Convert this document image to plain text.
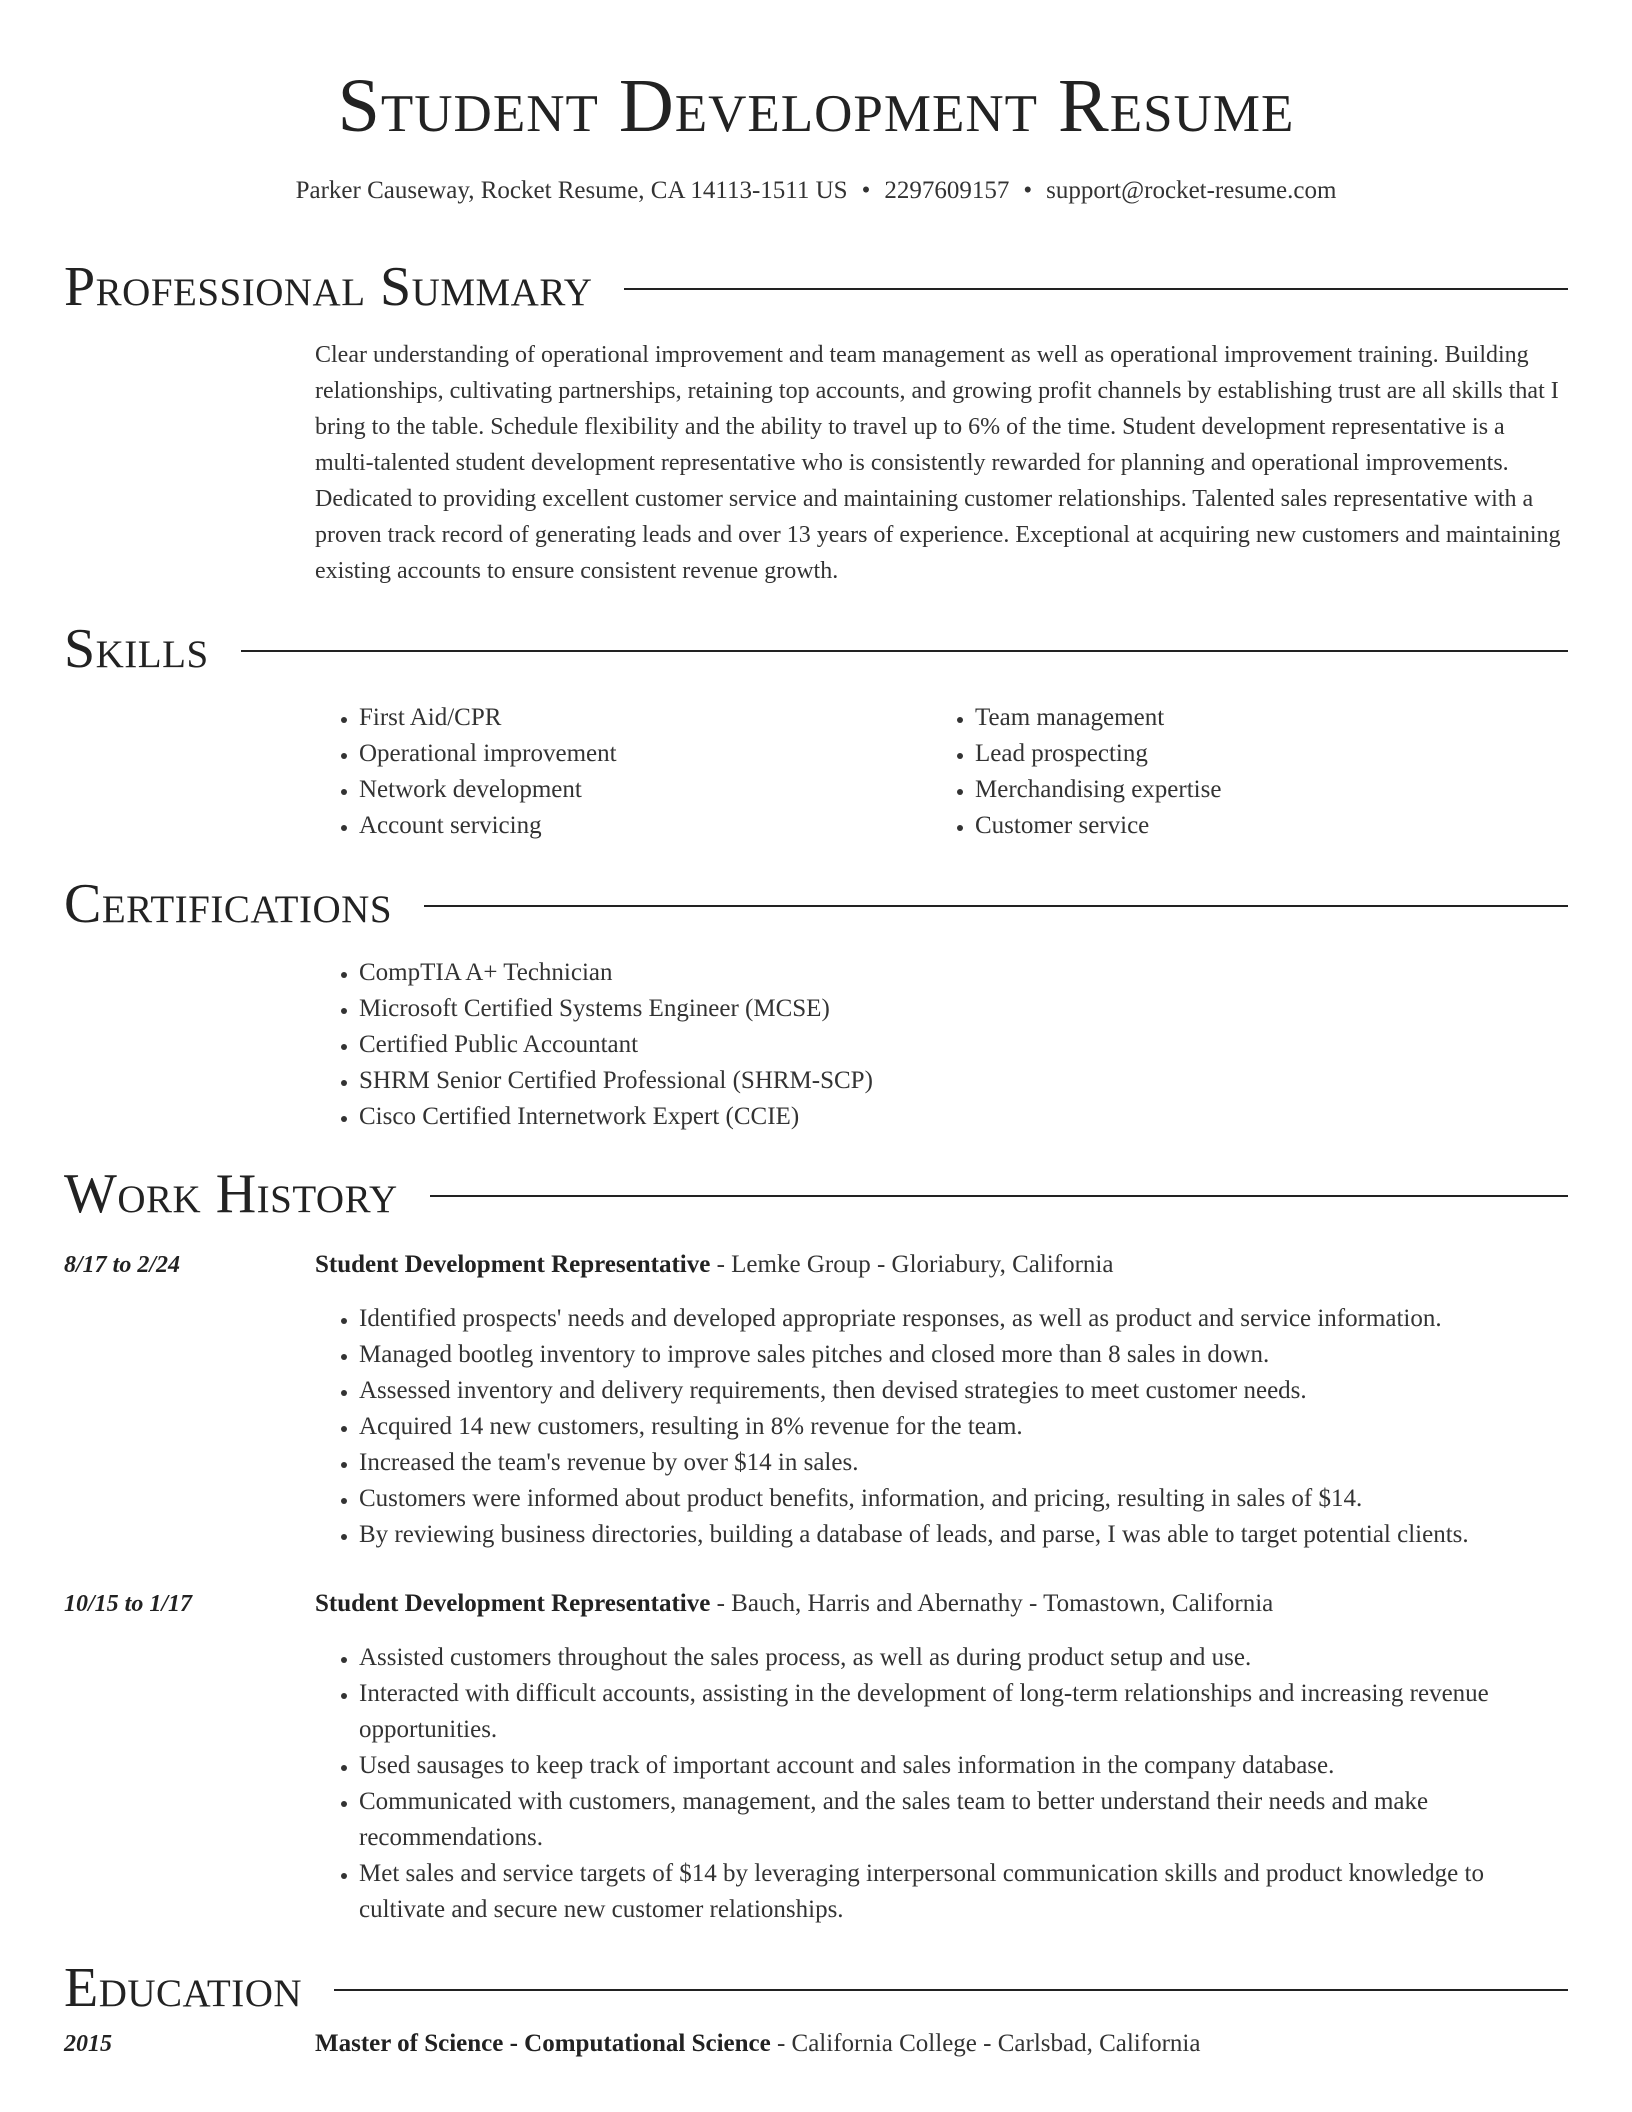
Student Development Resume
Parker Causeway, Rocket Resume, CA 14113-1511 US • 2297609157 • support@rocket-resume.com
Professional Summary

Clear understanding of operational improvement and team management as well as operational improvement training. Building relationships, cultivating partnerships, retaining top accounts, and growing profit channels by establishing trust are all skills that I bring to the table. Schedule flexibility and the ability to travel up to 6% of the time. Student development representative is a multi-talented student development representative who is consistently rewarded for planning and operational improvements. Dedicated to providing excellent customer service and maintaining customer relationships. Talented sales representative with a proven track record of generating leads and over 13 years of experience. Exceptional at acquiring new customers and maintaining existing accounts to ensure consistent revenue growth.

Skills
• First Aid/CPR
• Operational improvement
• Network development
• Account servicing
• Team management
• Lead prospecting
• Merchandising expertise
• Customer service
Certifications
• CompTIA A+ Technician
• Microsoft Certified Systems Engineer (MCSE)
• Certified Public Accountant
• SHRM Senior Certified Professional (SHRM-SCP)
• Cisco Certified Internetwork Expert (CCIE)
Work History
8/17 to 2/24	Student Development Representative - Lemke Group - Gloriabury, California
• Identified prospects' needs and developed appropriate responses, as well as product and service information.
• Managed bootleg inventory to improve sales pitches and closed more than 8 sales in down.
• Assessed inventory and delivery requirements, then devised strategies to meet customer needs.
• Acquired 14 new customers, resulting in 8% revenue for the team.
• Increased the team's revenue by over $14 in sales.
• Customers were informed about product benefits, information, and pricing, resulting in sales of $14.
• By reviewing business directories, building a database of leads, and parse, I was able to target potential clients.
10/15 to 1/17	Student Development Representative - Bauch, Harris and Abernathy - Tomastown, California
• Assisted customers throughout the sales process, as well as during product setup and use.
• Interacted with difficult accounts, assisting in the development of long-term relationships and increasing revenue opportunities.
• Used sausages to keep track of important account and sales information in the company database.
• Communicated with customers, management, and the sales team to better understand their needs and make recommendations.
• Met sales and service targets of $14 by leveraging interpersonal communication skills and product knowledge to cultivate and secure new customer relationships.
Education
2015	Master of Science - Computational Science - California College - Carlsbad, California
